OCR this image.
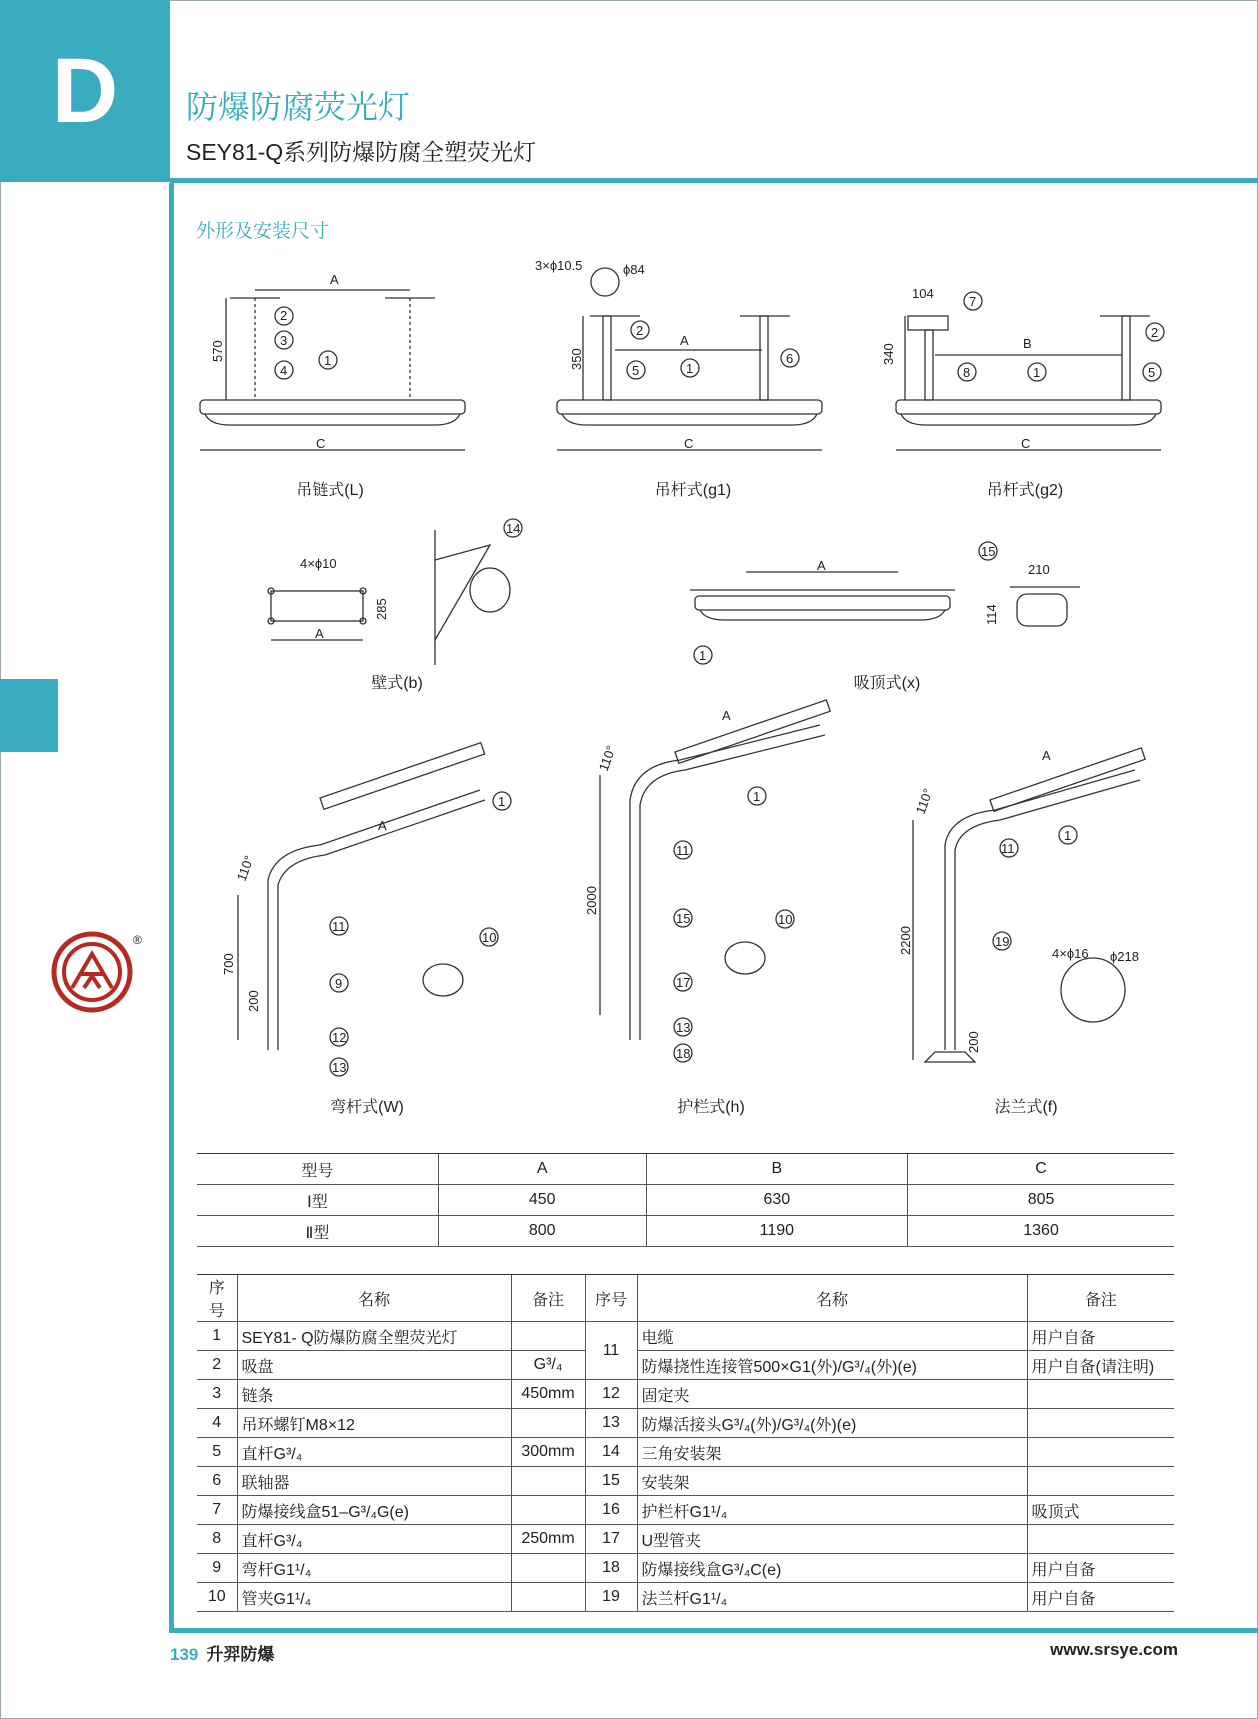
D	防爆防腐荧光灯
SEY81-Q系列防爆防腐全塑荧光灯
外形及安装尺寸
A
570
C
1
2
3
4
3×ϕ10.5	ϕ84
350
A
C
1
2
5
6
104
340	B
C
1
2
5
7
8
4×ϕ10
285
A
14
A
1
15
210
114
A
110°
700
200
1
9
10
11
12
13
A
110°
2000
1
10
11
13
15
17
18
A
110°
2200
200
4×ϕ16 ϕ218
1
11
19
吊链式(L)	吊杆式(g1)	吊杆式(g2)
壁式(b)	吸顶式(x)
弯杆式(W)	护栏式(h)	法兰式(f)
®
型号	A	B	C
Ⅰ型	450	630	805
Ⅱ型	800	1190	1360
序号	名称	备注	序号	名称	备注
1	SEY81- Q防爆防腐全塑荧光灯		11	电缆	用户自备
2	吸盘	G³/₄		防爆挠性连接管500×G1(外)/G³/₄(外)(e)	用户自备(请注明)
3	链条	450mm	12	固定夹	
4	吊环螺钉M8×12		13	防爆活接头G³/₄(外)/G³/₄(外)(e)	
5	直杆G³/₄	300mm	14	三角安装架	
6	联轴器		15	安装架	
7	防爆接线盒51–G³/₄G(e)		16	护栏杆G1¹/₄	吸顶式
8	直杆G³/₄	250mm	17	U型管夹	
9	弯杆G1¹/₄		18	防爆接线盒G³/₄C(e)	用户自备
10	管夹G1¹/₄		19	法兰杆G1¹/₄	用户自备
139 升羿防爆	www.srsye.com
